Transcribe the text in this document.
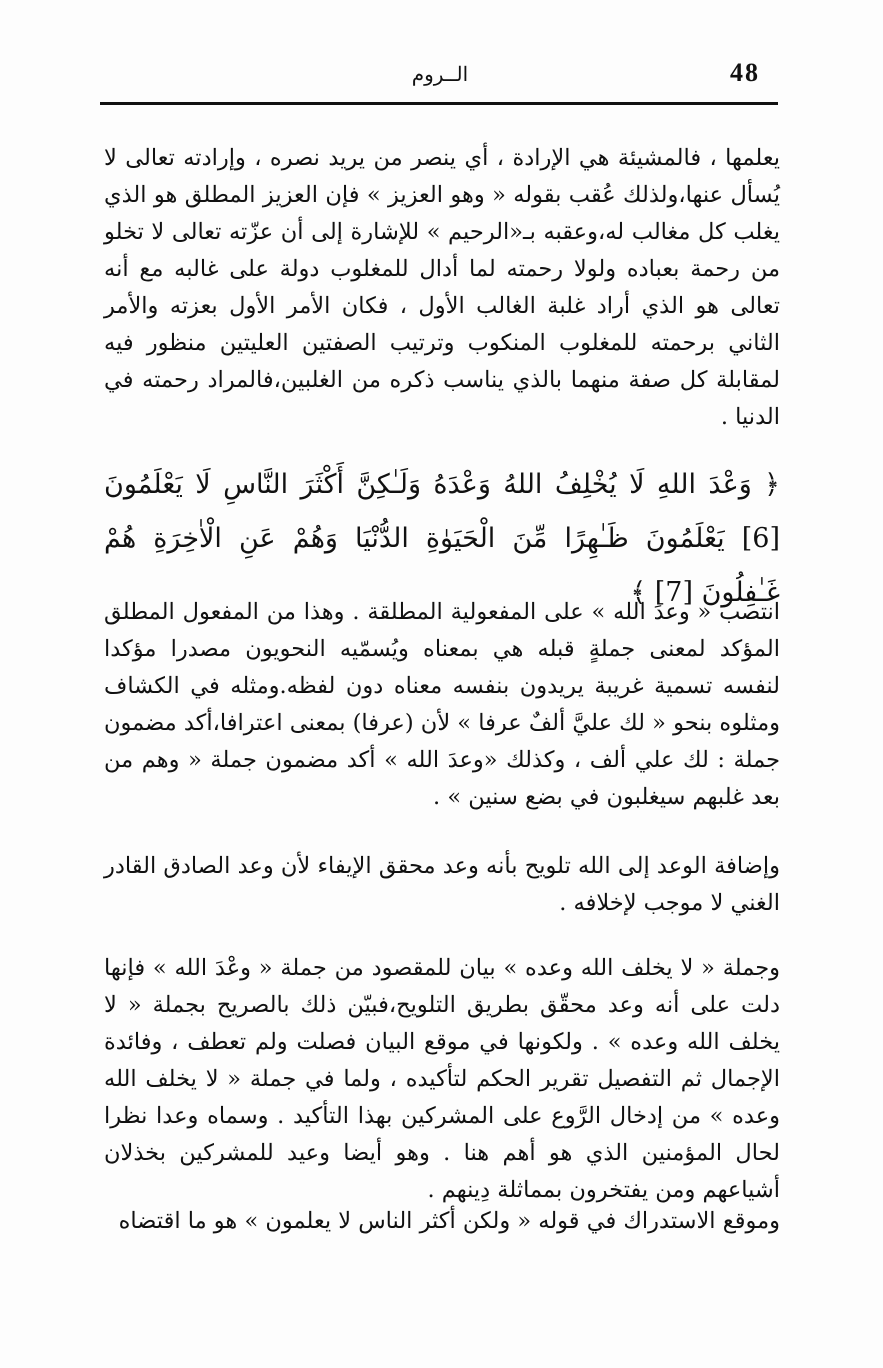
الــروم	48

يعلمها ، فالمشيئة هي الإرادة ، أي ينصر من يريد نصره ، وإرادته تعالى لا يُسأل عنها،ولذلك عُقب بقوله « وهو العزيز » فإن العزيز المطلق هو الذي يغلب كل مغالب له،وعقبه بـ«الرحيم » للإشارة إلى أن عزّته تعالى لا تخلو من رحمة بعباده ولولا رحمته لما أدال للمغلوب دولة على غالبه مع أنه تعالى هو الذي أراد غلبة الغالب الأول ، فكان الأمر الأول بعزته والأمر الثاني برحمته للمغلوب المنكوب وترتيب الصفتين العليتين منظور فيه لمقابلة كل صفة منهما بالذي يناسب ذكره من الغلبين،فالمراد رحمته في الدنيا .

﴿ وَعْدَ اللهِ لَا يُخْلِفُ اللهُ وَعْدَهُ وَلَـٰكِنَّ أَكْثَرَ النَّاسِ لَا يَعْلَمُونَ [6] يَعْلَمُونَ ظَـٰهِرًا مِّنَ الْحَيَوٰةِ الدُّنْيَا وَهُمْ عَنِ الْاٰخِرَةِ هُمْ غَـٰفِلُونَ [7] ﴾

انتصب « وعدَ الله » على المفعولية المطلقة . وهذا من المفعول المطلق المؤكد لمعنى جملةٍ قبله هي بمعناه ويُسمّيه النحويون مصدرا مؤكدا لنفسه تسمية غريبة يريدون بنفسه معناه دون لفظه.ومثله في الكشاف ومثلوه بنحو « لك عليَّ ألفٌ عرفا » لأن (عرفا) بمعنى اعترافا،أكد مضمون جملة : لك علي ألف ، وكذلك «وعدَ الله » أكد مضمون جملة « وهم من بعد غلبهم سيغلبون في بضع سنين » .

وإضافة الوعد إلى الله تلويح بأنه وعد محقق الإيفاء لأن وعد الصادق القادر الغني لا موجب لإخلافه .

وجملة « لا يخلف الله وعده » بيان للمقصود من جملة « وعْدَ الله » فإنها دلت على أنه وعد محقّق بطريق التلويح،فبيّن ذلك بالصريح بجملة « لا يخلف الله وعده » . ولكونها في موقع البيان فصلت ولم تعطف ، وفائدة الإجمال ثم التفصيل تقرير الحكم لتأكيده ، ولما في جملة « لا يخلف الله وعده » من إدخال الرَّوع على المشركين بهذا التأكيد . وسماه وعدا نظرا لحال المؤمنين الذي هو أهم هنا . وهو أيضا وعيد للمشركين بخذلان أشياعهم ومن يفتخرون بمماثلة دِينهم .

وموقع الاستدراك في قوله « ولكن أكثر الناس لا يعلمون » هو ما اقتضاه
